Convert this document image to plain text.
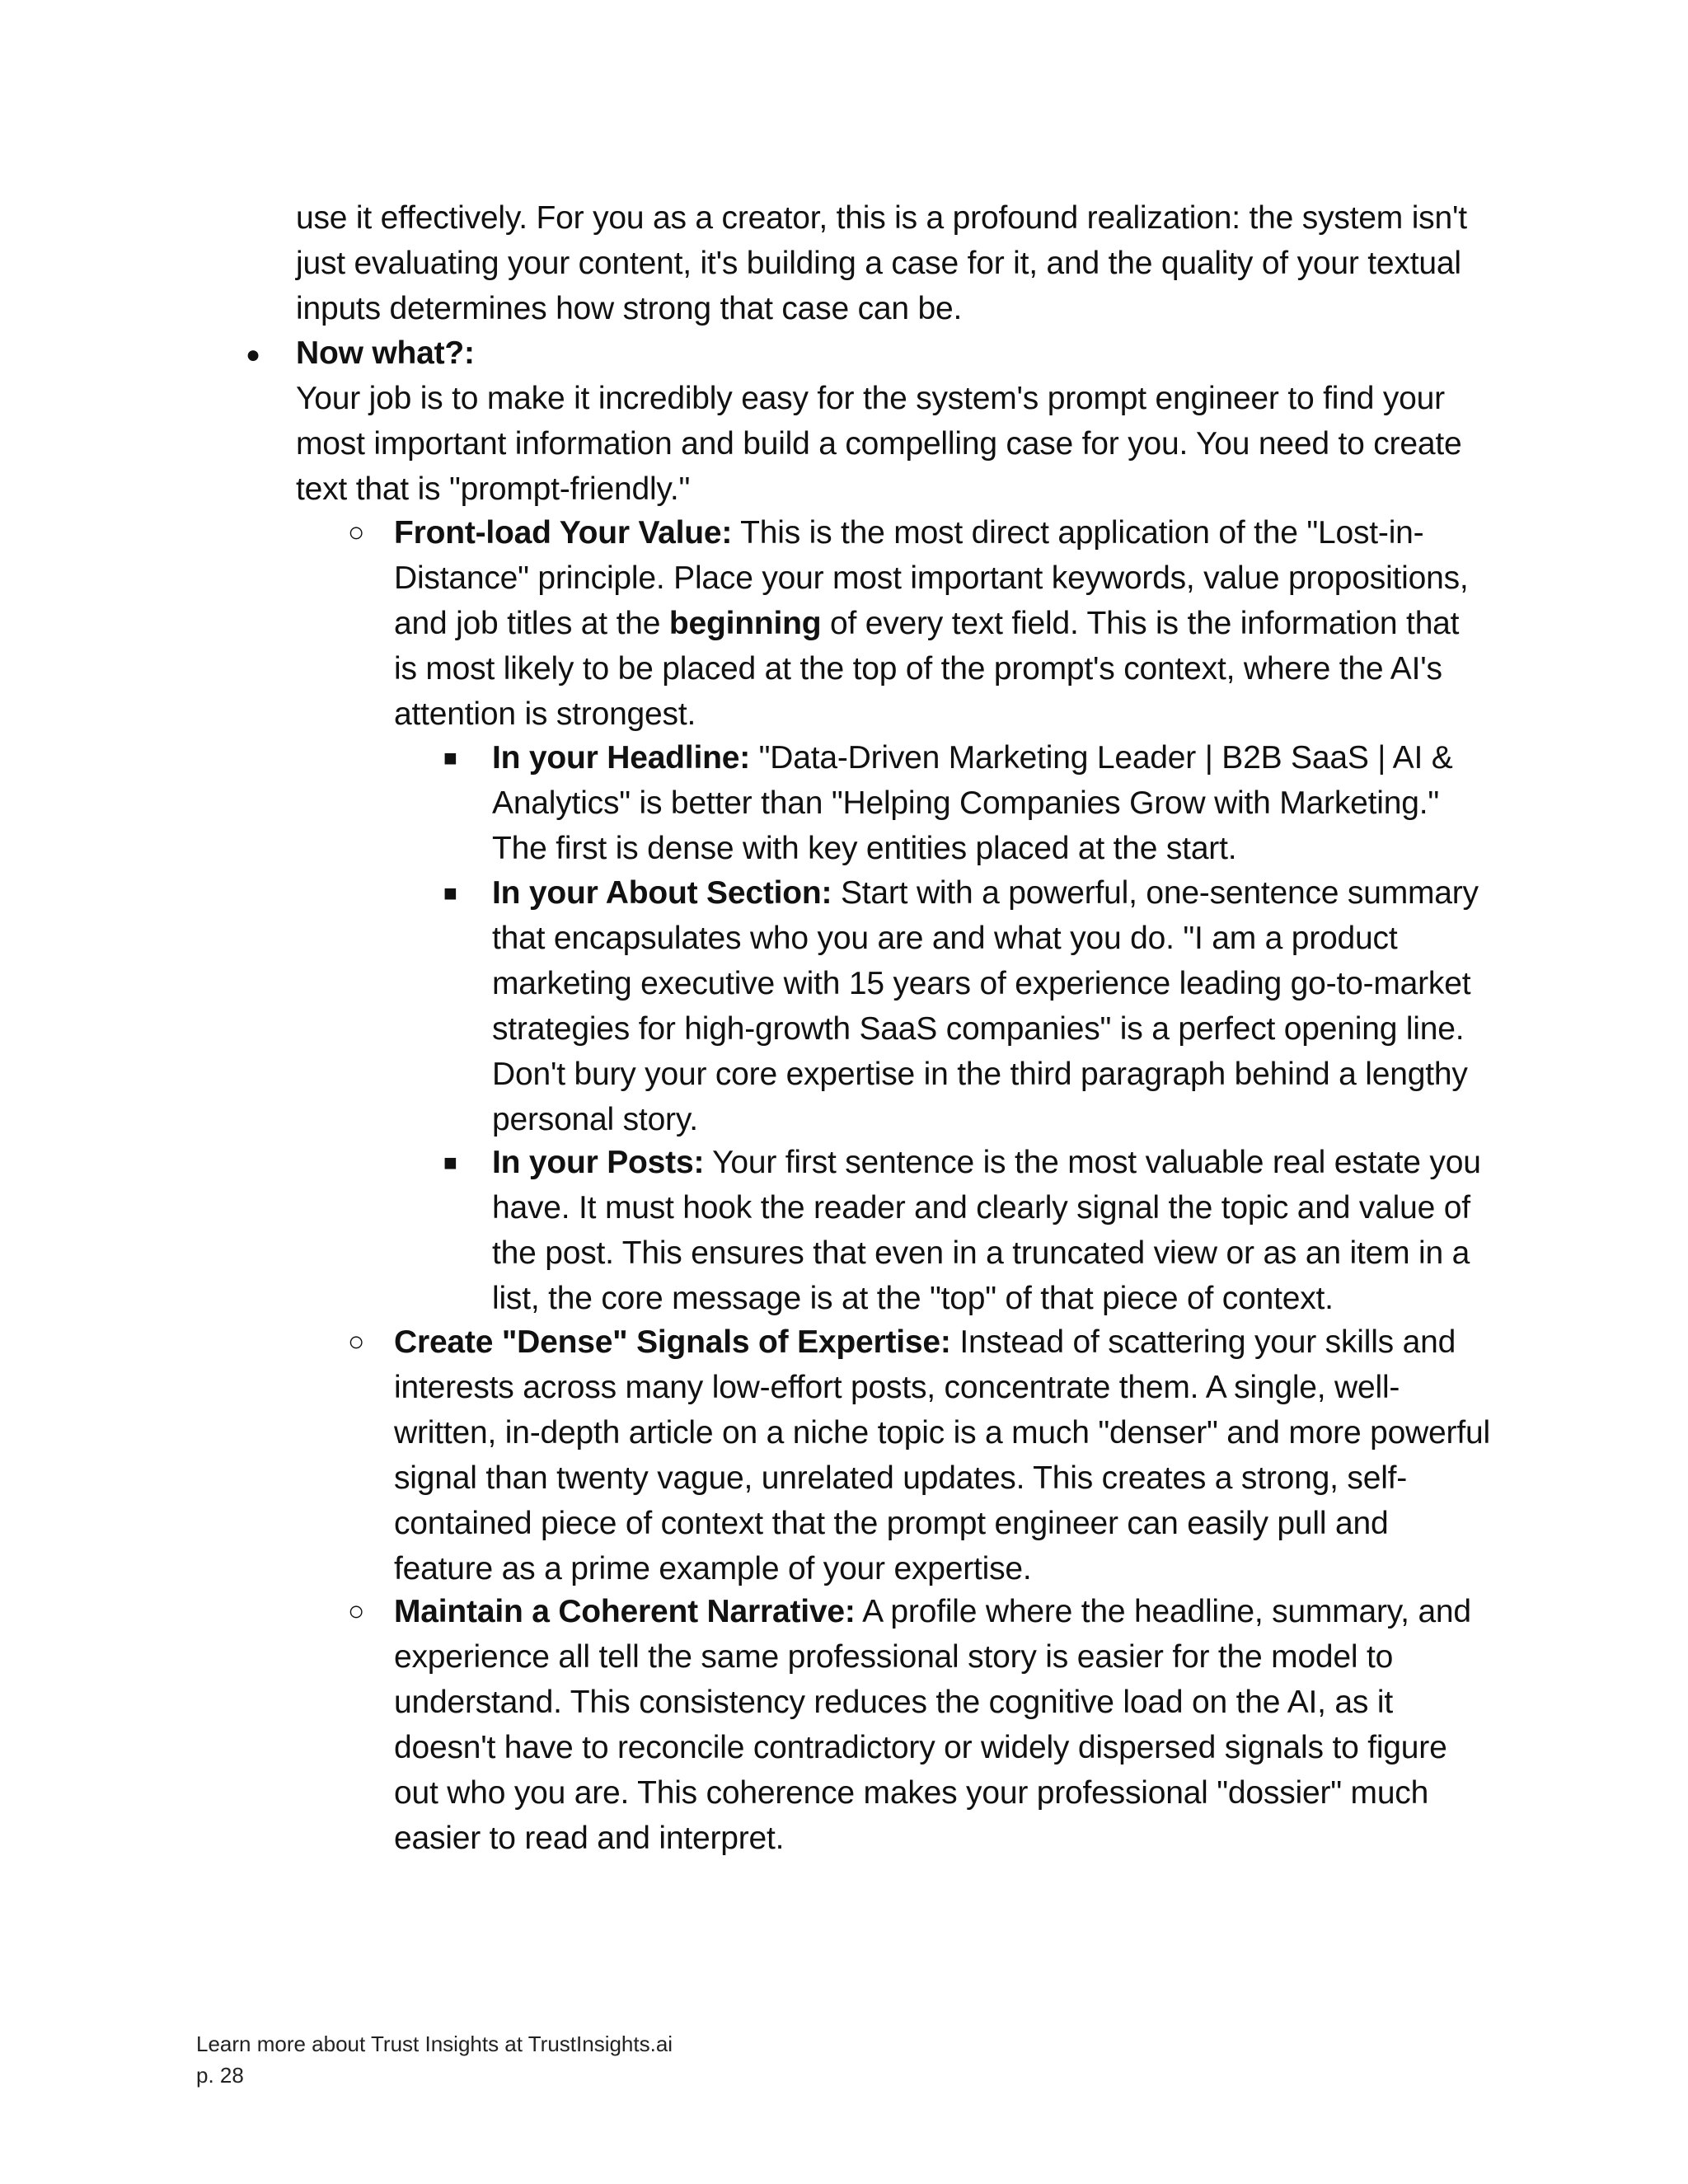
use it effectively. For you as a creator, this is a profound realization: the system isn't just evaluating your content, it's building a case for it, and the quality of your textual inputs determines how strong that case can be.

● Now what?:

Your job is to make it incredibly easy for the system's prompt engineer to find your most important information and build a compelling case for you. You need to create text that is "prompt-friendly."

○ Front-load Your Value: This is the most direct application of the "Lost-in-Distance" principle. Place your most important keywords, value propositions, and job titles at the beginning of every text field. This is the information that is most likely to be placed at the top of the prompt's context, where the AI's attention is strongest.

■ In your Headline: "Data-Driven Marketing Leader | B2B SaaS | AI & Analytics" is better than "Helping Companies Grow with Marketing." The first is dense with key entities placed at the start.

■ In your About Section: Start with a powerful, one-sentence summary that encapsulates who you are and what you do. "I am a product marketing executive with 15 years of experience leading go-to-market strategies for high-growth SaaS companies" is a perfect opening line. Don't bury your core expertise in the third paragraph behind a lengthy personal story.

■ In your Posts: Your first sentence is the most valuable real estate you have. It must hook the reader and clearly signal the topic and value of the post. This ensures that even in a truncated view or as an item in a list, the core message is at the "top" of that piece of context.

○ Create "Dense" Signals of Expertise: Instead of scattering your skills and interests across many low-effort posts, concentrate them. A single, well-written, in-depth article on a niche topic is a much "denser" and more powerful signal than twenty vague, unrelated updates. This creates a strong, self-contained piece of context that the prompt engineer can easily pull and feature as a prime example of your expertise.

○ Maintain a Coherent Narrative: A profile where the headline, summary, and experience all tell the same professional story is easier for the model to understand. This consistency reduces the cognitive load on the AI, as it doesn't have to reconcile contradictory or widely dispersed signals to figure out who you are. This coherence makes your professional "dossier" much easier to read and interpret.

Learn more about Trust Insights at TrustInsights.ai

p. 28
